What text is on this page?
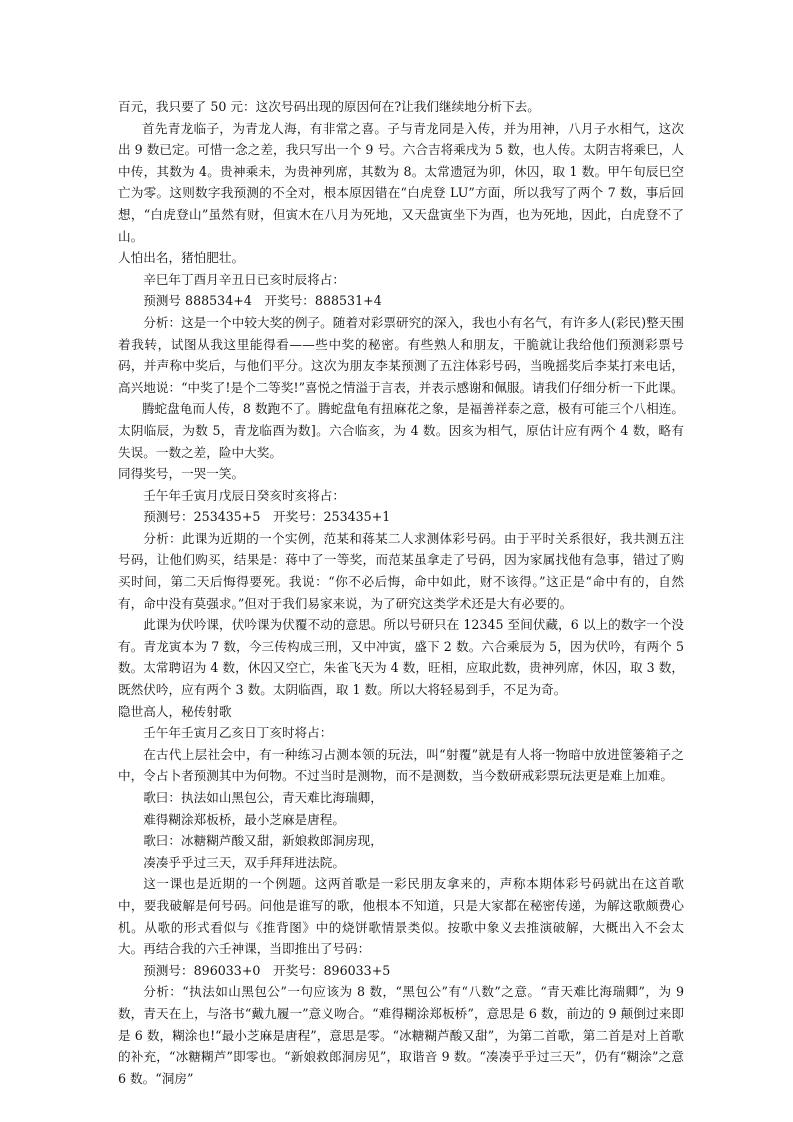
百元，我只要了 50 元：这次号码出现的原因何在?让我们继续地分析下去。

首先青龙临子，为青龙人海，有非常之喜。子与青龙同是入传，并为用神，八月子水相气，这次出 9 数已定。可惜一念之差，我只写出一个 9 号。六合吉将乘戌为 5 数，也人传。太阴吉将乘巳，人中传，其数为 4。贵神乘未，为贵神列席，其数为 8。太常遗冠为卯，休囚，取 1 数。甲午旬辰巳空亡为零。这则数字我预测的不全对，根本原因错在“白虎登 LU”方面，所以我写了两个 7 数，事后回想，“白虎登山”虽然有财，但寅木在八月为死地，又天盘寅坐下为酉，也为死地，因此，白虎登不了山。

人怕出名，猪怕肥壮。

辛巳年丁酉月辛丑日已亥时辰将占：

预测号 888534+4　开奖号：888531+4

分析：这是一个中较大奖的例子。随着对彩票研究的深入，我也小有名气，有许多人(彩民)整天围着我转，试图从我这里能得看——些中奖的秘密。有些熟人和朋友，干脆就让我给他们预测彩票号码，并声称中奖后，与他们平分。这次为朋友李某预测了五注体彩号码，当晚摇奖后李某打来电话，高兴地说：“中奖了!是个二等奖!”喜悦之情溢于言表，并表示感谢和佩服。请我们仔细分析一下此课。

腾蛇盘龟而人传，8 数跑不了。腾蛇盘龟有扭麻花之象，是福善祥泰之意，极有可能三个八相连。太阴临辰，为数 5，青龙临酉为数]。六合临亥，为 4 数。因亥为相气，原估计应有两个 4 数，略有失误。一数之差，险中大奖。

同得奖号，一哭一笑。

壬午年壬寅月戊辰日癸亥时亥将占：

预测号：253435+5　开奖号：253435+1

分析：此课为近期的一个实例，范某和蒋某二人求测体彩号码。由于平时关系很好，我共测五注号码，让他们购买，结果是：蒋中了一等奖，而范某虽拿走了号码，因为家属找他有急事，错过了购买时间，第二天后悔得要死。我说：“你不必后悔，命中如此，财不该得。”这正是“命中有的，自然有，命中没有莫强求。”但对于我们易家来说，为了研究这类学术还是大有必要的。

此课为伏吟课，伏吟课为伏覆不动的意思。所以号研只在 12345 至间伏藏，6 以上的数字一个没有。青龙寅本为 7 数，今三传构成三刑，又中冲寅，盛下 2 数。六合乘辰为 5，因为伏吟，有两个 5 数。太常聘诏为 4 数，休囚又空亡，朱雀飞天为 4 数，旺相，应取此数，贵神列席，休囚，取 3 数，既然伏吟，应有两个 3 数。太阴临酉，取 1 数。所以大将轻易到手，不足为奇。

隐世高人，秘传射歌

壬午年壬寅月乙亥日丁亥时将占：

在古代上层社会中，有一种练习占测本领的玩法，叫“射覆”就是有人将一物暗中放进筐篓箱子之中，令占卜者预测其中为何物。不过当时是测物，而不是测数，当今数研戒彩票玩法更是难上加难。

歌曰：执法如山黑包公，青天难比海瑞卿，

难得糊涂郑板桥，最小芝麻是唐程。

歌曰：冰糖糊芦酸又甜，新娘救郎洞房现，

凑凑乎乎过三天，双手拜拜进法院。

这一课也是近期的一个例题。这两首歌是一彩民朋友拿来的，声称本期体彩号码就出在这首歌中，要我破解是何号码。问他是谁写的歌，他根本不知道，只是大家都在秘密传递，为解这歌颇费心机。从歌的形式看似与《推背图》中的烧饼歌情景类似。按歌中象义去推演破解，大概出入不会太大。再结合我的六壬神课，当即推出了号码：

预测号：896033+0　开奖号：896033+5

分析：“执法如山黑包公”一句应该为 8 数，“黑包公”有“八数”之意。“青天难比海瑞卿”，为 9 数，青天在上，与洛书“戴九履一”意义吻合。“难得糊涂郑板桥”，意思是 6 数，前边的 9 颠倒过来即是 6 数，糊涂也!“最小芝麻是唐程”，意思是零。“冰糖糊芦酸又甜”，为第二首歌，第二首是对上首歌的补充，“冰糖糊芦”即零也。“新娘救郎洞房见”，取谐音 9 数。“凑凑乎乎过三天”，仍有“糊涂”之意 6 数。“洞房”
